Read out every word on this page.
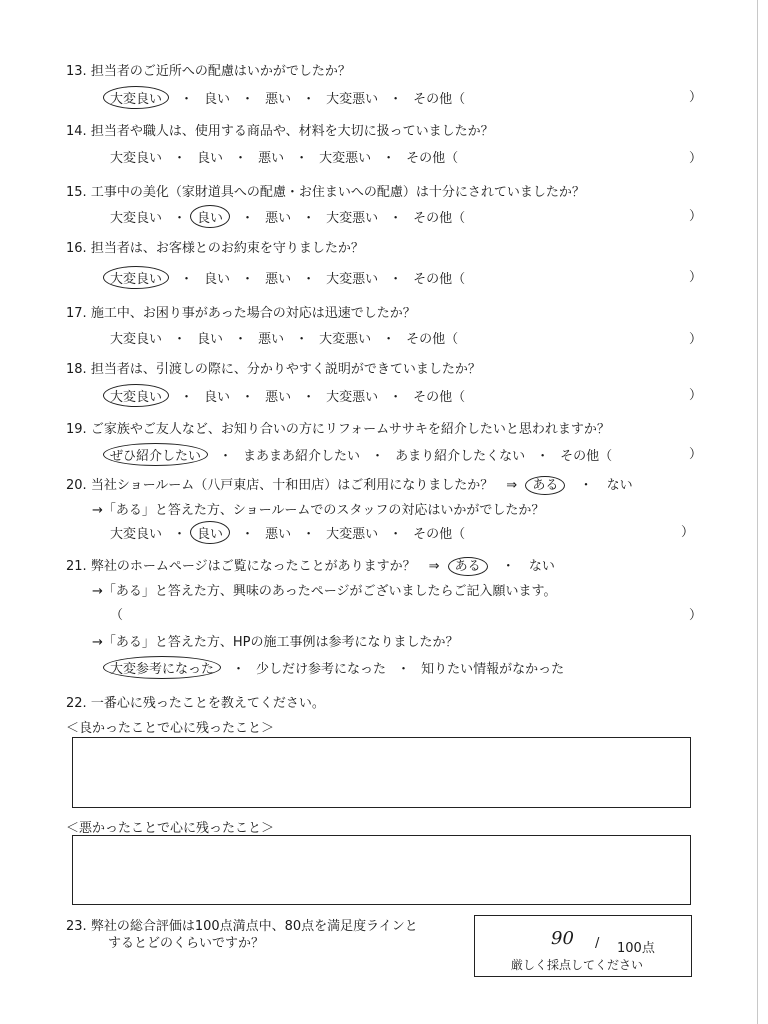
13. 担当者のご近所への配慮はいかがでしたか？
大変良い ・ 良い ・ 悪い ・ 大変悪い ・ その他（	）
14. 担当者や職人は、使用する商品や、材料を大切に扱っていましたか？
大変良い ・ 良い ・ 悪い ・ 大変悪い ・ その他（	）
15. 工事中の美化（家財道具への配慮・お住まいへの配慮）は十分にされていましたか？
大変良い ・ 良い ・ 悪い ・ 大変悪い ・ その他（	）
16. 担当者は、お客様とのお約束を守りましたか？
大変良い ・ 良い ・ 悪い ・ 大変悪い ・ その他（	）
17. 施工中、お困り事があった場合の対応は迅速でしたか？
大変良い ・ 良い ・ 悪い ・ 大変悪い ・ その他（	）
18. 担当者は、引渡しの際に、分かりやすく説明ができていましたか？
大変良い ・ 良い ・ 悪い ・ 大変悪い ・ その他（	）
19. ご家族やご友人など、お知り合いの方にリフォームササキを紹介したいと思われますか？
ぜひ紹介したい ・ まあまあ紹介したい ・ あまり紹介したくない ・ その他（	）
20. 当社ショールーム（八戸東店、十和田店）はご利用になりましたか？　⇒ ある ・ ない
→「ある」と答えた方、ショールームでのスタッフの対応はいかがでしたか？
大変良い ・ 良い ・ 悪い ・ 大変悪い ・ その他（	）
21. 弊社のホームページはご覧になったことがありますか？　⇒ ある ・ ない
→「ある」と答えた方、興味のあったページがございましたらご記入願います。
（	）
→「ある」と答えた方、HPの施工事例は参考になりましたか？
大変参考になった ・ 少しだけ参考になった ・ 知りたい情報がなかった
22. 一番心に残ったことを教えてください。
＜良かったことで心に残ったこと＞
＜悪かったことで心に残ったこと＞
23. 弊社の総合評価は100点満点中、80点を満足度ラインと
するとどのくらいですか？	90 / 100点
厳しく採点してください
